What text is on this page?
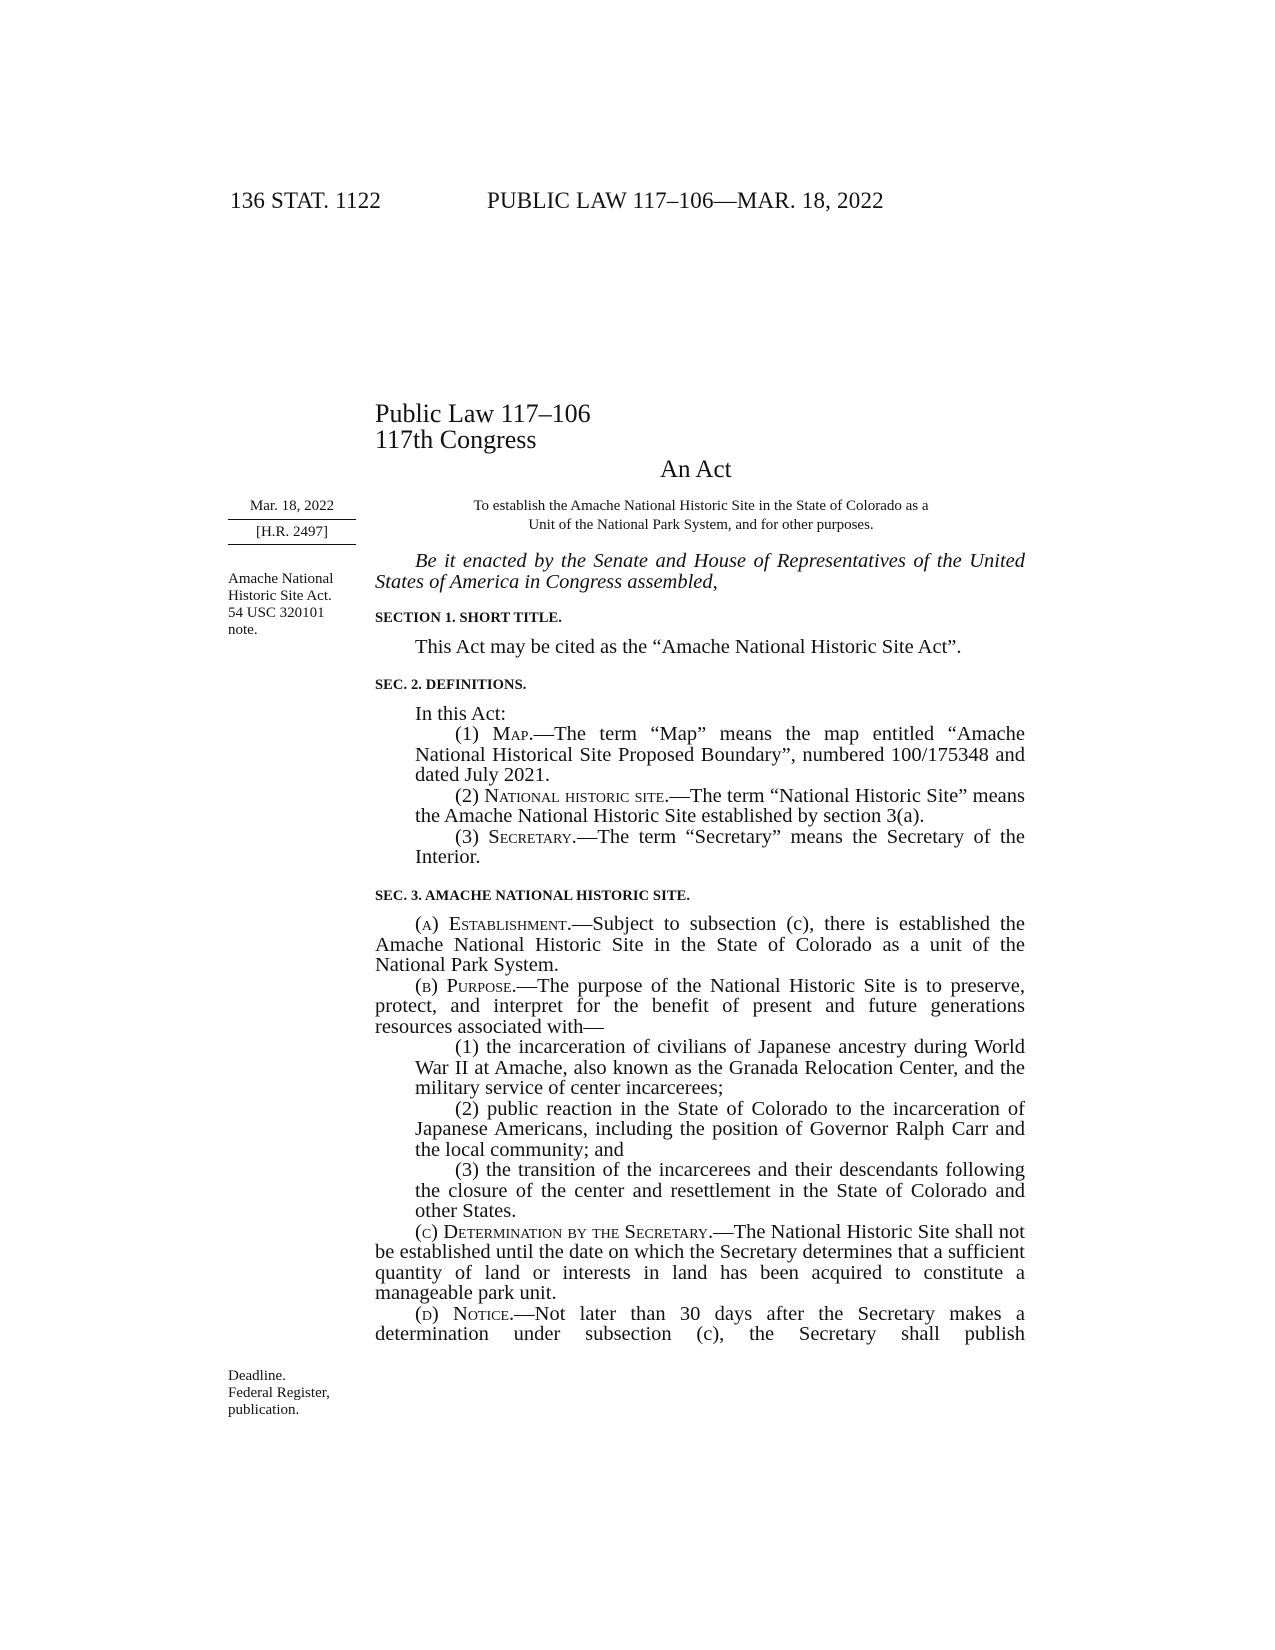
136 STAT. 1122	PUBLIC LAW 117–106—MAR. 18, 2022
Public Law 117–106
117th Congress
An Act
Mar. 18, 2022
[H.R. 2497]
To establish the Amache National Historic Site in the State of Colorado as a
Unit of the National Park System, and for other purposes.
Amache National
Historic Site Act.
54 USC 320101
note.
Deadline.
Federal Register,
publication.

Be it enacted by the Senate and House of Representatives of the United States of America in Congress assembled,

SECTION 1. SHORT TITLE.

This Act may be cited as the “Amache National Historic Site Act”.

SEC. 2. DEFINITIONS.

In this Act:

(1) Map.—The term “Map” means the map entitled “Amache National Historical Site Proposed Boundary”, numbered 100/175348 and dated July 2021.

(2) National historic site.—The term “National Historic Site” means the Amache National Historic Site established by section 3(a).

(3) Secretary.—The term “Secretary” means the Secretary of the Interior.

SEC. 3. AMACHE NATIONAL HISTORIC SITE.

(a) Establishment.—Subject to subsection (c), there is established the Amache National Historic Site in the State of Colorado as a unit of the National Park System.

(b) Purpose.—The purpose of the National Historic Site is to preserve, protect, and interpret for the benefit of present and future generations resources associated with—

(1) the incarceration of civilians of Japanese ancestry during World War II at Amache, also known as the Granada Relocation Center, and the military service of center incarcerees;

(2) public reaction in the State of Colorado to the incarceration of Japanese Americans, including the position of Governor Ralph Carr and the local community; and

(3) the transition of the incarcerees and their descendants following the closure of the center and resettlement in the State of Colorado and other States.

(c) Determination by the Secretary.—The National Historic Site shall not be established until the date on which the Secretary determines that a sufficient quantity of land or interests in land has been acquired to constitute a manageable park unit.

(d) Notice.—Not later than 30 days after the Secretary makes a determination under subsection (c), the Secretary shall publish
